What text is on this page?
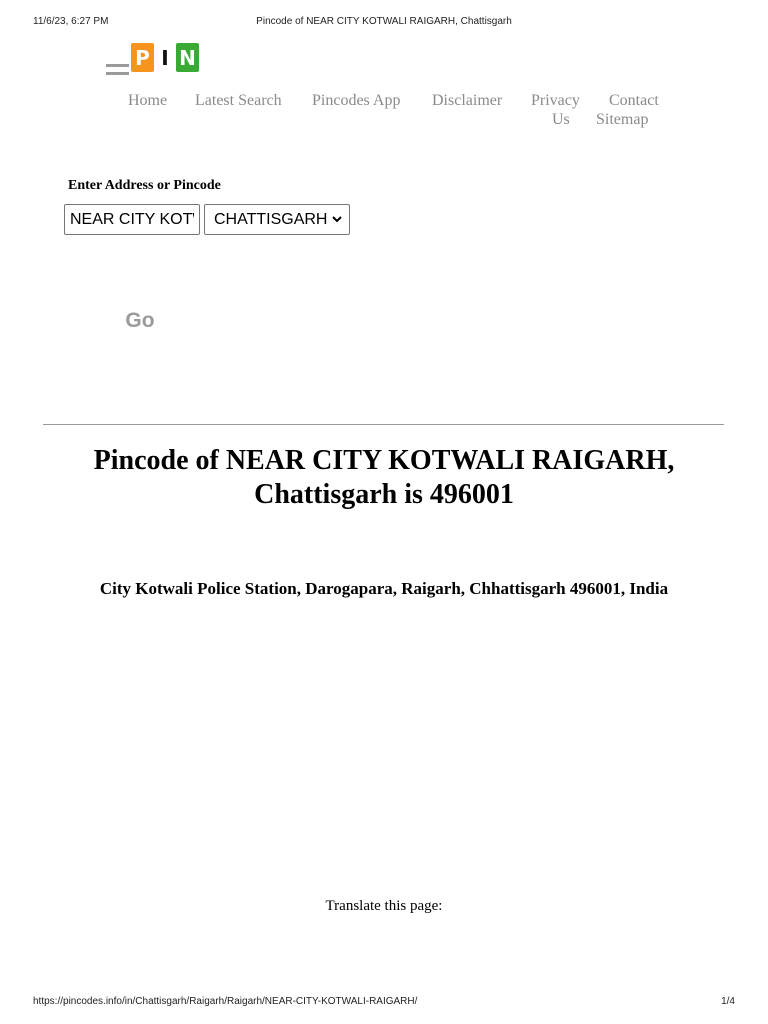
11/6/23, 6:27 PM	Pincode of NEAR CITY KOTWALI RAIGARH, Chattisgarh
P I N
Home Latest Search Pincodes App Disclaimer Privacy Contact
Us Sitemap
Enter Address or Pincode
NEAR CITY KOTWALI RAIGARH
CHATTISGARH
Go
Pincode of NEAR CITY KOTWALI RAIGARH,
Chattisgarh is 496001
City Kotwali Police Station, Darogapara, Raigarh, Chhattisgarh 496001, India
Translate this page:
https://pincodes.info/in/Chattisgarh/Raigarh/Raigarh/NEAR-CITY-KOTWALI-RAIGARH/	1/4
